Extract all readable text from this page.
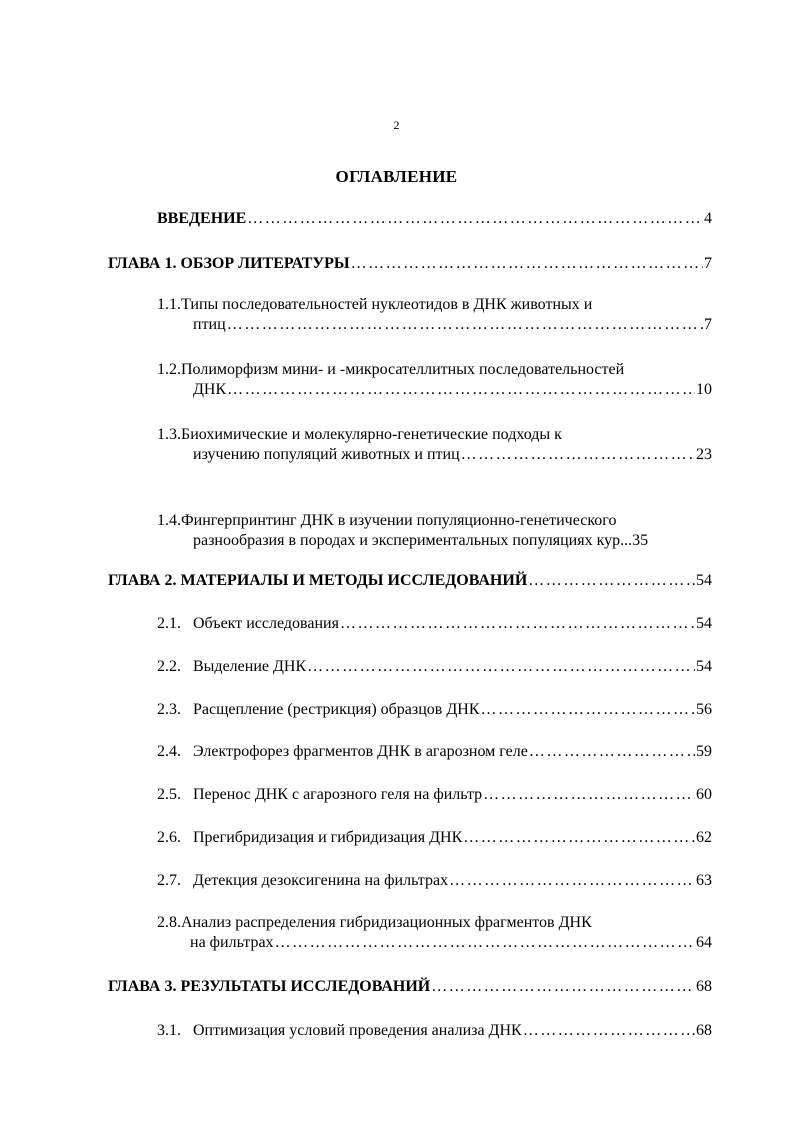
2
ОГЛАВЛЕНИЕ
ВВЕДЕНИЕ ………………………………………………………………………………………………………………………………………………………………………	4
ГЛАВА 1. ОБЗОР ЛИТЕРАТУРЫ ………………………………………………………………………………………………………………………………………………………………………	7
1.1.Типы последовательностей нуклеотидов в ДНК животных и
птиц ………………………………………………………………………………………………………………………………………………………………………	7
1.2.Полиморфизм мини- и -микросателлитных последовательностей
ДНК ………………………………………………………………………………………………………………………………………………………………………	10
1.3.Биохимические и молекулярно-генетические подходы к
изучению популяций животных и птиц ………………………………………………………………………………………………………………………………………………………………………	23
1.4.Фингерпринтинг ДНК в изучении популяционно-генетического
разнообразия в породах и экспериментальных популяциях кур...35
ГЛАВА 2. МАТЕРИАЛЫ И МЕТОДЫ ИССЛЕДОВАНИЙ ………………………………………………………………………………………………………………………………………………………………………	54
2.1. Объект исследования ………………………………………………………………………………………………………………………………………………………………………	54
2.2. Выделение ДНК ………………………………………………………………………………………………………………………………………………………………………	54
2.3. Расщепление (рестрикция) образцов ДНК ………………………………………………………………………………………………………………………………………………………………………	56
2.4. Электрофорез фрагментов ДНК в агарозном геле ………………………………………………………………………………………………………………………………………………………………………	59
2.5. Перенос ДНК с агарозного геля на фильтр ………………………………………………………………………………………………………………………………………………………………………	60
2.6. Прегибридизация и гибридизация ДНК ………………………………………………………………………………………………………………………………………………………………………	62
2.7. Детекция дезоксигенина на фильтрах ………………………………………………………………………………………………………………………………………………………………………	63
2.8.Анализ распределения гибридизационных фрагментов ДНК
на фильтрах ………………………………………………………………………………………………………………………………………………………………………	64
ГЛАВА 3. РЕЗУЛЬТАТЫ ИССЛЕДОВАНИЙ ………………………………………………………………………………………………………………………………………………………………………	68
3.1. Оптимизация условий проведения анализа ДНК ………………………………………………………………………………………………………………………………………………………………………	68
